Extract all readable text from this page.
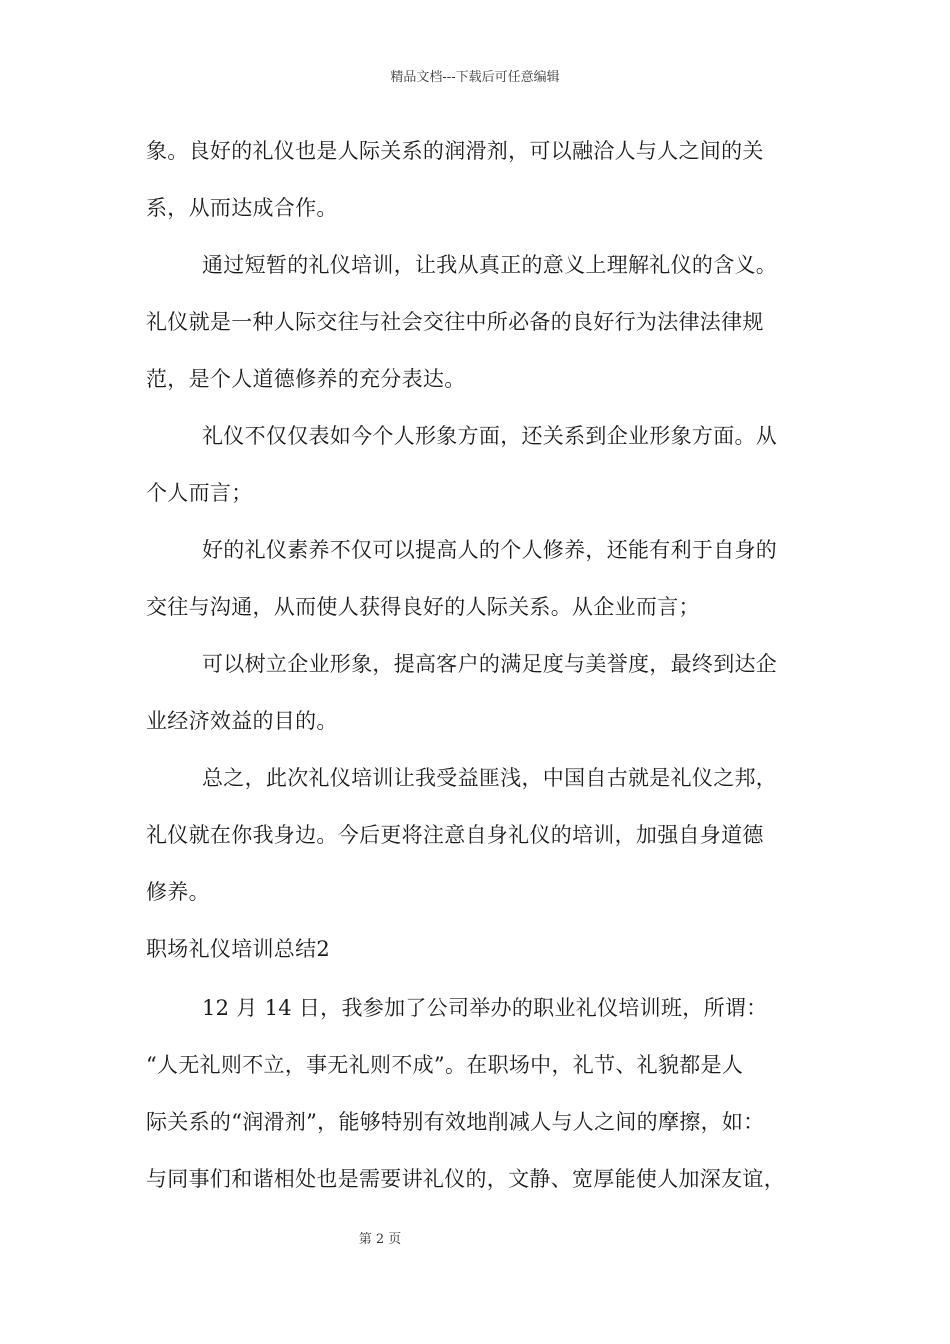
精品文档---下载后可任意编辑
象。良好的礼仪也是人际关系的润滑剂，可以融洽人与人之间的关
系，从而达成合作。
通过短暂的礼仪培训，让我从真正的意义上理解礼仪的含义。
礼仪就是一种人际交往与社会交往中所必备的良好行为法律法律规
范，是个人道德修养的充分表达。
礼仪不仅仅表如今个人形象方面，还关系到企业形象方面。从
个人而言；
好的礼仪素养不仅可以提高人的个人修养，还能有利于自身的
交往与沟通，从而使人获得良好的人际关系。从企业而言；
可以树立企业形象，提高客户的满足度与美誉度，最终到达企
业经济效益的目的。
总之，此次礼仪培训让我受益匪浅，中国自古就是礼仪之邦，
礼仪就在你我身边。今后更将注意自身礼仪的培训，加强自身道德
修养。
职场礼仪培训总结2
12 月 14 日，我参加了公司举办的职业礼仪培训班，所谓：
“人无礼则不立，事无礼则不成”。在职场中，礼节、礼貌都是人
际关系的“润滑剂”，能够特别有效地削减人与人之间的摩擦，如：
与同事们和谐相处也是需要讲礼仪的，文静、宽厚能使人加深友谊，
第 2 页
